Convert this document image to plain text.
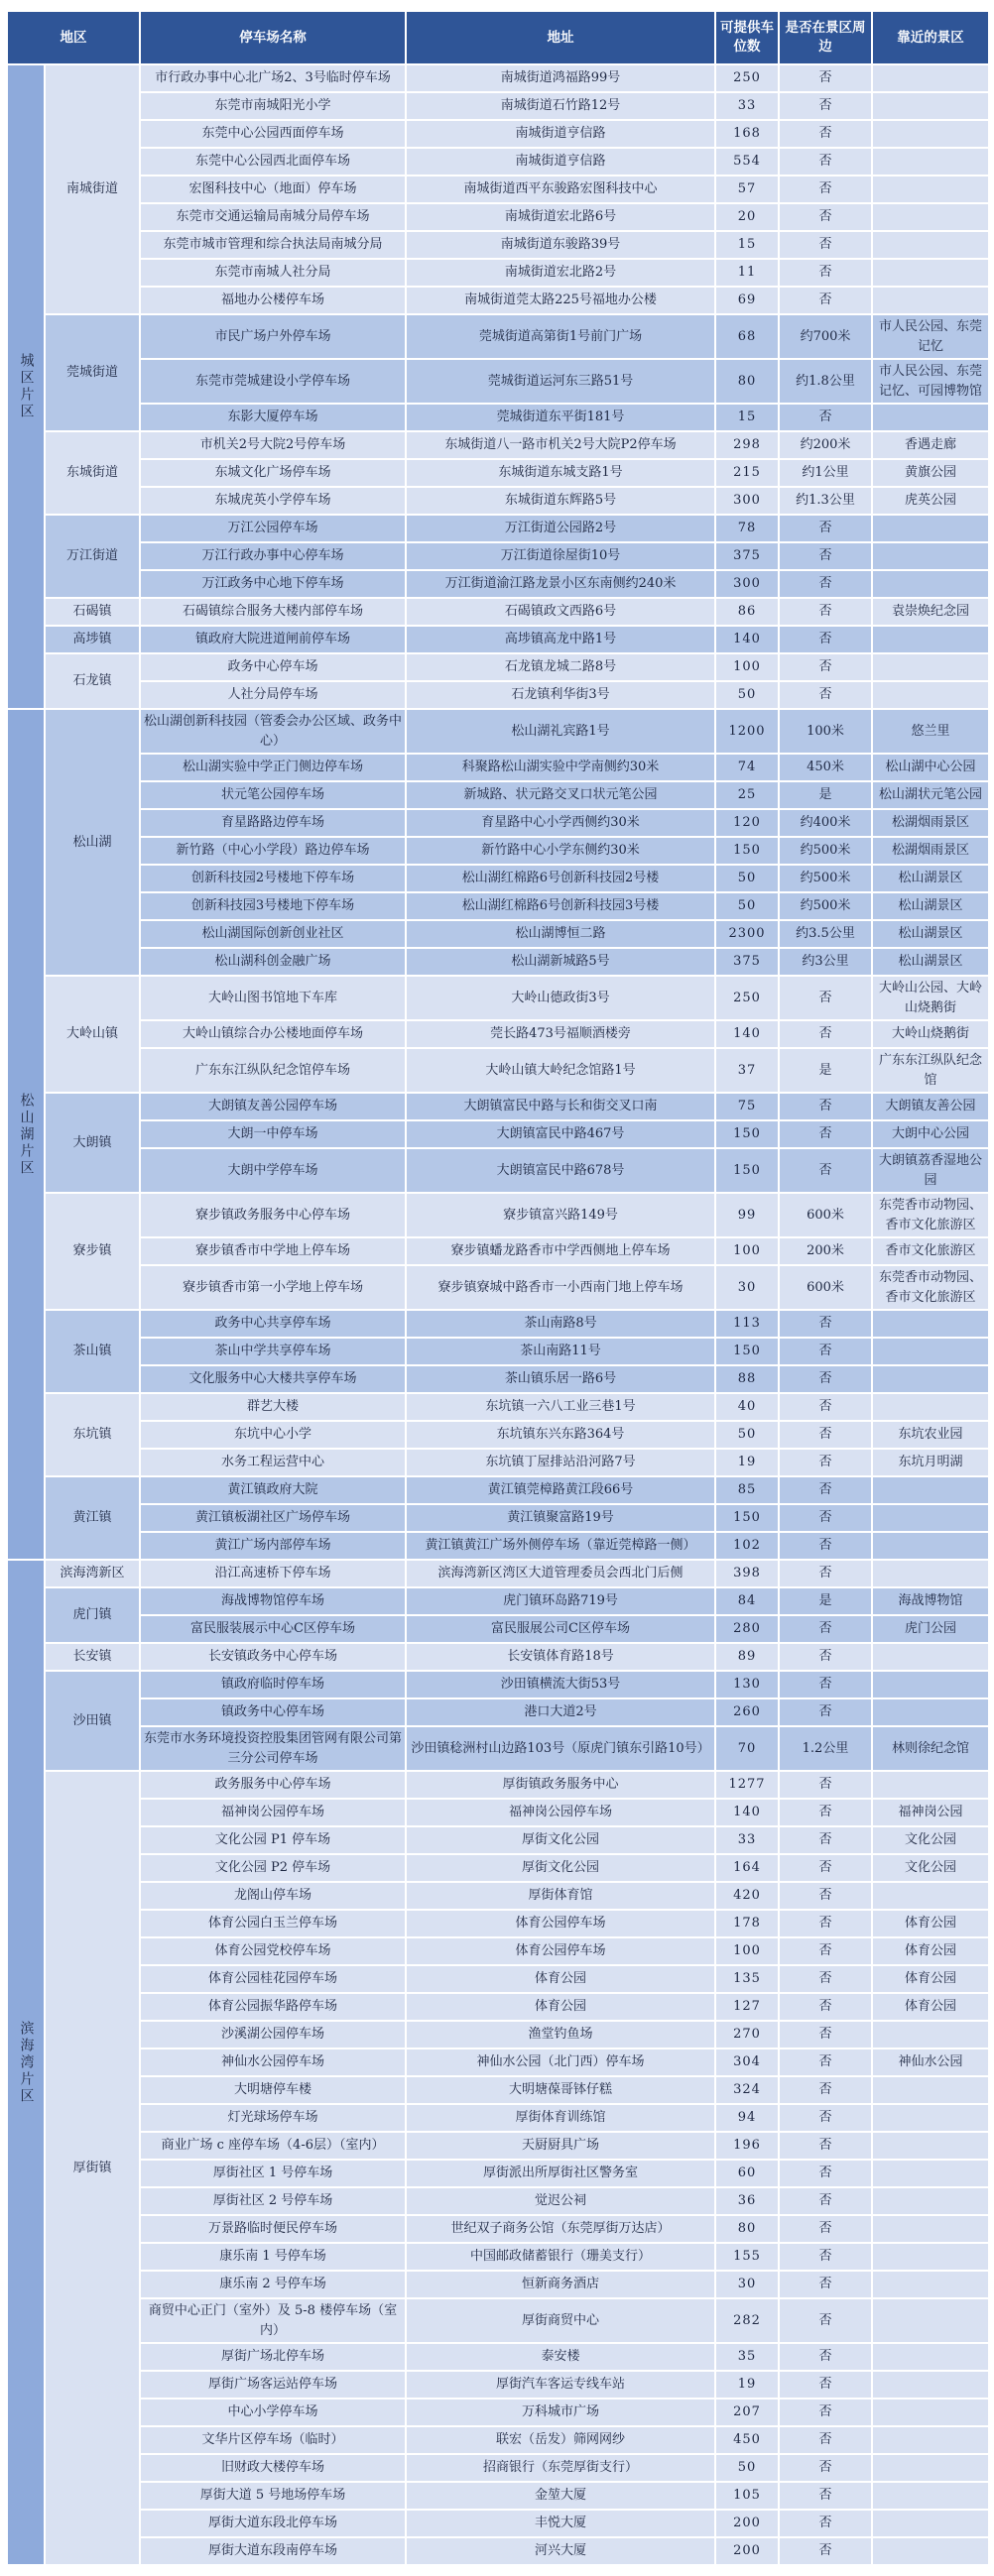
地区		停车场名称	地址	可提供车位数	是否在景区周边	靠近的景区
城区片区	南城街道	市行政办事中心北广场2、3号临时停车场	南城街道鸿福路99号	250	否	
		东莞市南城阳光小学	南城街道石竹路12号	33	否	
		东莞中心公园西面停车场	南城街道亨信路	168	否	
		东莞中心公园西北面停车场	南城街道亨信路	554	否	
		宏图科技中心（地面）停车场	南城街道西平东骏路宏图科技中心	57	否	
		东莞市交通运输局南城分局停车场	南城街道宏北路6号	20	否	
		东莞市城市管理和综合执法局南城分局	南城街道东骏路39号	15	否	
		东莞市南城人社分局	南城街道宏北路2号	11	否	
		福地办公楼停车场	南城街道莞太路225号福地办公楼	69	否	
	莞城街道	市民广场户外停车场	莞城街道高第街1号前门广场	68	约700米	市人民公园、东莞记忆
		东莞市莞城建设小学停车场	莞城街道运河东三路51号	80	约1.8公里	市人民公园、东莞记忆、可园博物馆
		东影大厦停车场	莞城街道东平街181号	15	否	
	东城街道	市机关2号大院2号停车场	东城街道八一路市机关2号大院P2停车场	298	约200米	香遇走廊
		东城文化广场停车场	东城街道东城支路1号	215	约1公里	黄旗公园
		东城虎英小学停车场	东城街道东辉路5号	300	约1.3公里	虎英公园
	万江街道	万江公园停车场	万江街道公园路2号	78	否	
		万江行政办事中心停车场	万江街道徐屋街10号	375	否	
		万江政务中心地下停车场	万江街道渝江路龙景小区东南侧约240米	300	否	
	石碣镇	石碣镇综合服务大楼内部停车场	石碣镇政文西路6号	86	否	袁崇焕纪念园
	高埗镇	镇政府大院进道闸前停车场	高埗镇高龙中路1号	140	否	
	石龙镇	政务中心停车场	石龙镇龙城二路8号	100	否	
		人社分局停车场	石龙镇利华街3号	50	否	
松山湖片区	松山湖	松山湖创新科技园（管委会办公区域、政务中心）	松山湖礼宾路1号	1200	100米	悠兰里
		松山湖实验中学正门侧边停车场	科聚路松山湖实验中学南侧约30米	74	450米	松山湖中心公园
		状元笔公园停车场	新城路、状元路交叉口状元笔公园	25	是	松山湖状元笔公园
		育星路路边停车场	育星路中心小学西侧约30米	120	约400米	松湖烟雨景区
		新竹路（中心小学段）路边停车场	新竹路中心小学东侧约30米	150	约500米	松湖烟雨景区
		创新科技园2号楼地下停车场	松山湖红棉路6号创新科技园2号楼	50	约500米	松山湖景区
		创新科技园3号楼地下停车场	松山湖红棉路6号创新科技园3号楼	50	约500米	松山湖景区
		松山湖国际创新创业社区	松山湖博恒二路	2300	约3.5公里	松山湖景区
		松山湖科创金融广场	松山湖新城路5号	375	约3公里	松山湖景区
	大岭山镇	大岭山图书馆地下车库	大岭山德政街3号	250	否	大岭山公园、大岭山烧鹅街
		大岭山镇综合办公楼地面停车场	莞长路473号福顺酒楼旁	140	否	大岭山烧鹅街
		广东东江纵队纪念馆停车场	大岭山镇大岭纪念馆路1号	37	是	广东东江纵队纪念馆
	大朗镇	大朗镇友善公园停车场	大朗镇富民中路与长和街交叉口南	75	否	大朗镇友善公园
		大朗一中停车场	大朗镇富民中路467号	150	否	大朗中心公园
		大朗中学停车场	大朗镇富民中路678号	150	否	大朗镇荔香湿地公园
	寮步镇	寮步镇政务服务中心停车场	寮步镇富兴路149号	99	600米	东莞香市动物园、香市文化旅游区
		寮步镇香市中学地上停车场	寮步镇蟠龙路香市中学西侧地上停车场	100	200米	香市文化旅游区
		寮步镇香市第一小学地上停车场	寮步镇寮城中路香市一小西南门地上停车场	30	600米	东莞香市动物园、香市文化旅游区
	茶山镇	政务中心共享停车场	茶山南路8号	113	否	
		茶山中学共享停车场	茶山南路11号	150	否	
		文化服务中心大楼共享停车场	茶山镇乐居一路6号	88	否	
	东坑镇	群艺大楼	东坑镇一六八工业三巷1号	40	否	
		东坑中心小学	东坑镇东兴东路364号	50	否	东坑农业园
		水务工程运营中心	东坑镇丁屋排站沿河路7号	19	否	东坑月明湖
	黄江镇	黄江镇政府大院	黄江镇莞樟路黄江段66号	85	否	
		黄江镇板湖社区广场停车场	黄江镇聚富路19号	150	否	
		黄江广场内部停车场	黄江镇黄江广场外侧停车场（靠近莞樟路一侧）	102	否	
滨海湾片区	滨海湾新区	沿江高速桥下停车场	滨海湾新区湾区大道管理委员会西北门后侧	398	否	
	虎门镇	海战博物馆停车场	虎门镇环岛路719号	84	是	海战博物馆
		富民服装展示中心C区停车场	富民服展公司C区停车场	280	否	虎门公园
	长安镇	长安镇政务中心停车场	长安镇体育路18号	89	否	
	沙田镇	镇政府临时停车场	沙田镇横流大街53号	130	否	
		镇政务中心停车场	港口大道2号	260	否	
		东莞市水务环境投资控股集团管网有限公司第三分公司停车场	沙田镇稔洲村山边路103号（原虎门镇东引路10号）	70	1.2公里	林则徐纪念馆
	厚街镇	政务服务中心停车场	厚街镇政务服务中心	1277	否	
		福神岗公园停车场	福神岗公园停车场	140	否	福神岗公园
		文化公园 P1 停车场	厚街文化公园	33	否	文化公园
		文化公园 P2 停车场	厚街文化公园	164	否	文化公园
		龙阁山停车场	厚街体育馆	420	否	
		体育公园白玉兰停车场	体育公园停车场	178	否	体育公园
		体育公园党校停车场	体育公园停车场	100	否	体育公园
		体育公园桂花园停车场	体育公园	135	否	体育公园
		体育公园振华路停车场	体育公园	127	否	体育公园
		沙溪湖公园停车场	渔堂钓鱼场	270	否	
		神仙水公园停车场	神仙水公园（北门西）停车场	304	否	神仙水公园
		大明塘停车楼	大明塘葆哥钵仔糕	324	否	
		灯光球场停车场	厚街体育训练馆	94	否	
		商业广场 c 座停车场（4-6层）（室内）	天厨厨具广场	196	否	
		厚街社区 1 号停车场	厚街派出所厚街社区警务室	60	否	
		厚街社区 2 号停车场	觉迟公祠	36	否	
		万景路临时便民停车场	世纪双子商务公馆（东莞厚街万达店）	80	否	
		康乐南 1 号停车场	中国邮政储蓄银行（珊美支行）	155	否	
		康乐南 2 号停车场	恒新商务酒店	30	否	
		商贸中心正门（室外）及 5-8 楼停车场（室内）	厚街商贸中心	282	否	
		厚街广场北停车场	泰安楼	35	否	
		厚街广场客运站停车场	厚街汽车客运专线车站	19	否	
		中心小学停车场	万科城市广场	207	否	
		文华片区停车场（临时）	联宏（岳发）筛网网纱	450	否	
		旧财政大楼停车场	招商银行（东莞厚街支行）	50	否	
		厚街大道 5 号地场停车场	金堃大厦	105	否	
		厚街大道东段北停车场	丰悦大厦	200	否	
		厚街大道东段南停车场	河兴大厦	200	否	
